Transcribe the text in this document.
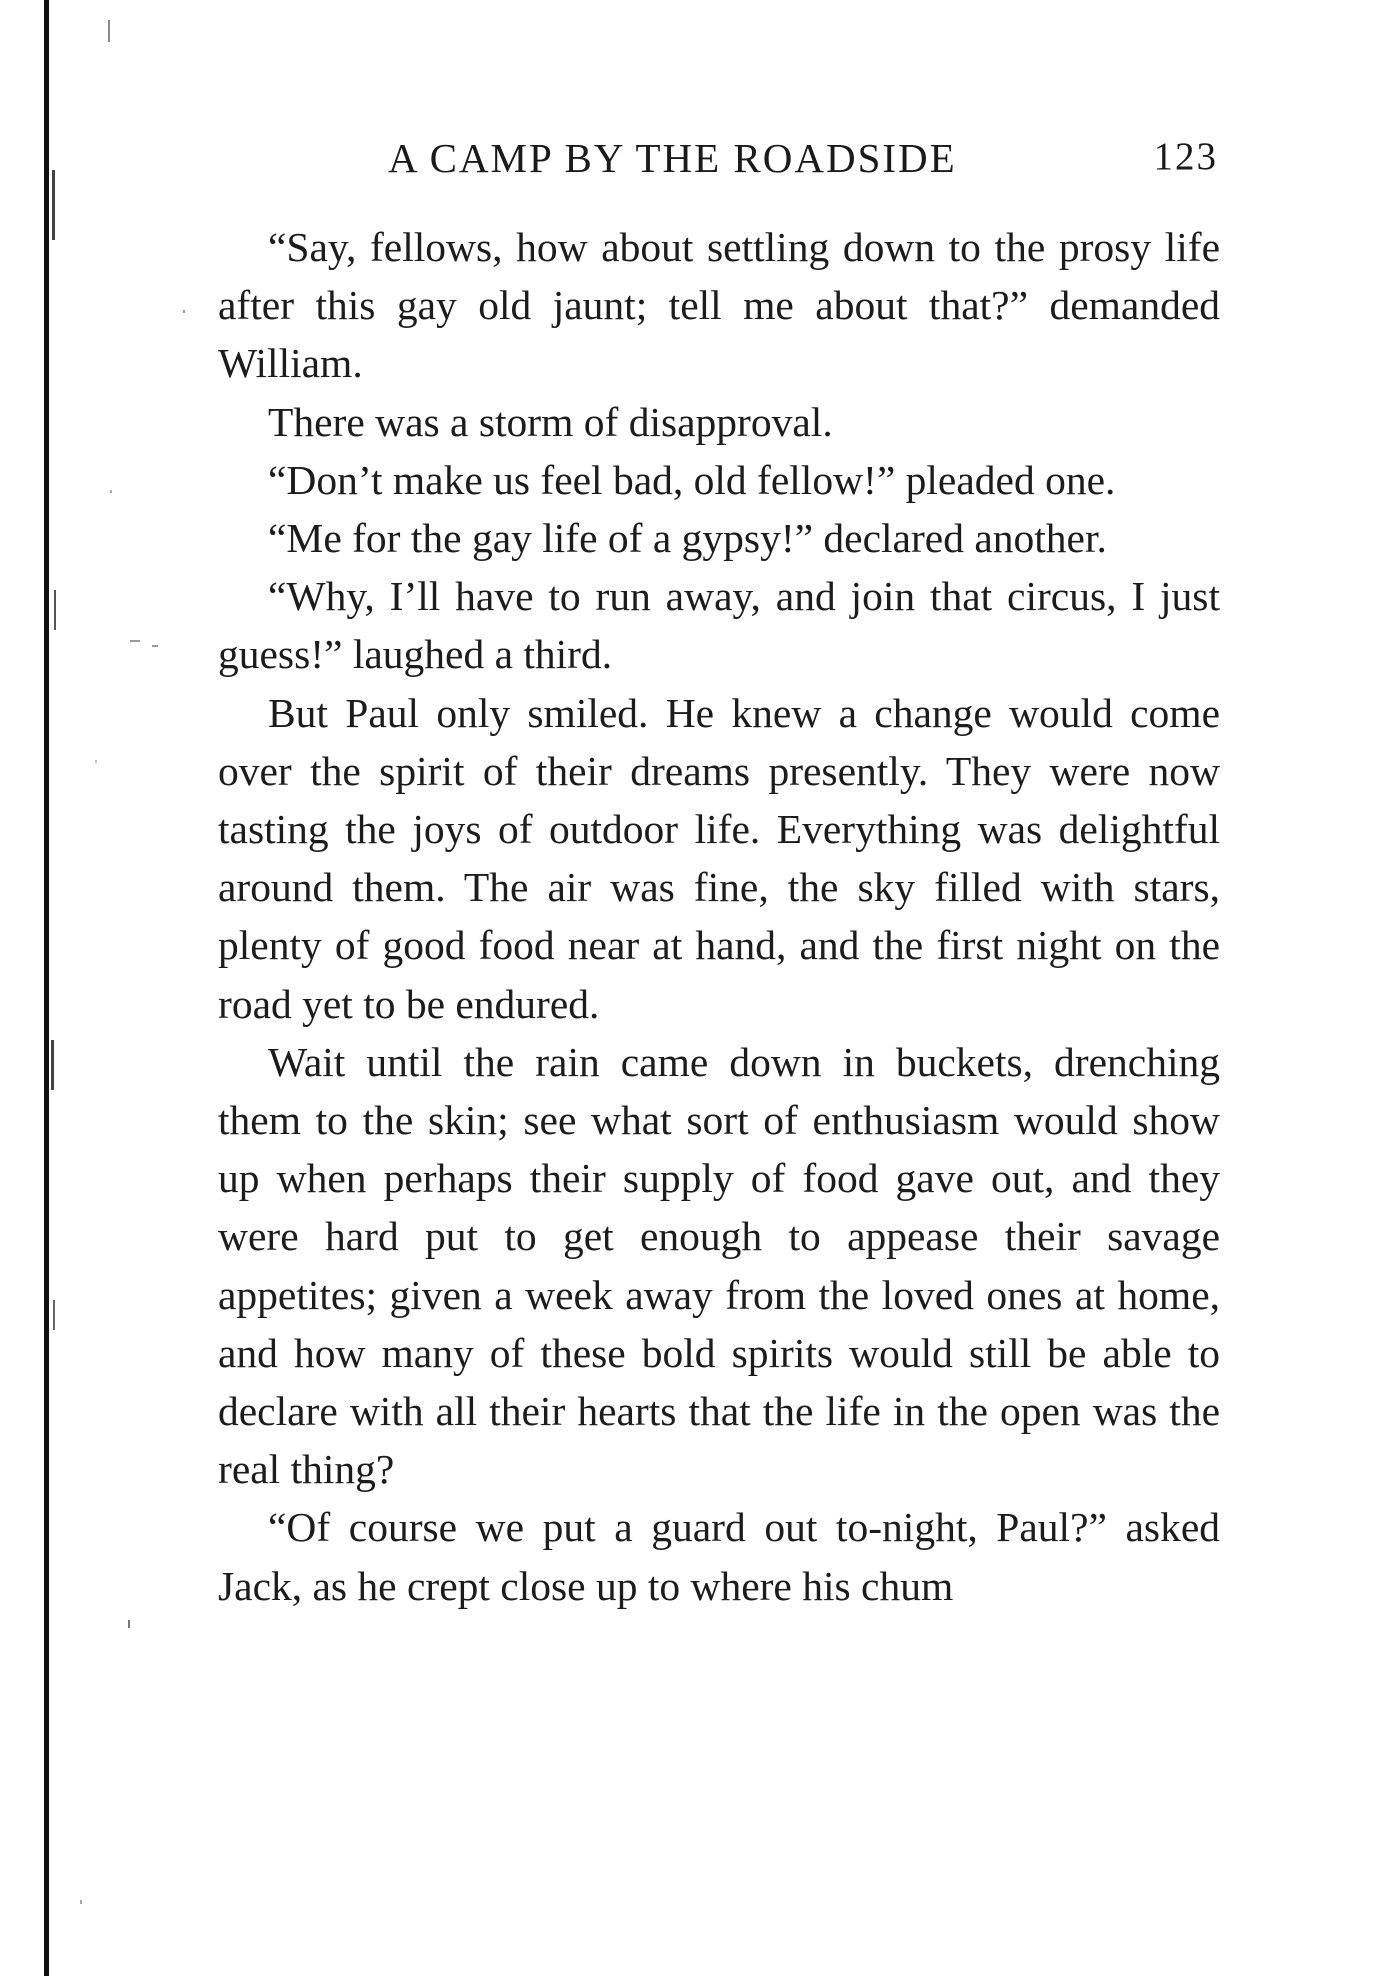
A CAMP BY THE ROADSIDE	123

“Say, fellows, how about settling down to the prosy life after this gay old jaunt; tell me about that?” demanded William.

There was a storm of disapproval.

“Don’t make us feel bad, old fellow!” pleaded one.

“Me for the gay life of a gypsy!” declared another.

“Why, I’ll have to run away, and join that circus, I just guess!” laughed a third.

But Paul only smiled. He knew a change would come over the spirit of their dreams presently. They were now tasting the joys of outdoor life. Everything was delightful around them. The air was fine, the sky filled with stars, plenty of good food near at hand, and the first night on the road yet to be endured.

Wait until the rain came down in buckets, drenching them to the skin; see what sort of enthusiasm would show up when perhaps their supply of food gave out, and they were hard put to get enough to appease their savage appetites; given a week away from the loved ones at home, and how many of these bold spirits would still be able to declare with all their hearts that the life in the open was the real thing?

“Of course we put a guard out to-night, Paul?” asked Jack, as he crept close up to where his chum
